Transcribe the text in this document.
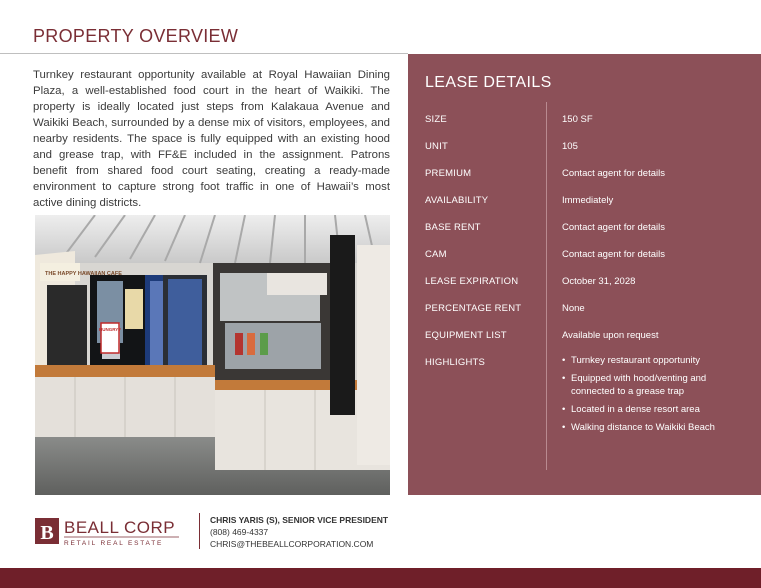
PROPERTY OVERVIEW
Turnkey restaurant opportunity available at Royal Hawaiian Dining Plaza, a well-established food court in the heart of Waikiki. The property is ideally located just steps from Kalakaua Avenue and Waikiki Beach, surrounded by a dense mix of visitors, employees, and nearby residents. The space is fully equipped with an existing hood and grease trap, with FF&E included in the assignment. Patrons benefit from shared food court seating, creating a ready-made environment to capture strong foot traffic in one of Hawaii’s most active dining districts.
HUNGRY?
THE HAPPY HAWAIIAN CAFE
LEASE DETAILS
SIZE	150 SF
UNIT	105
PREMIUM	Contact agent for details
AVAILABILITY	Immediately
BASE RENT	Contact agent for details
CAM	Contact agent for details
LEASE EXPIRATION	October 31, 2028
PERCENTAGE RENT	None
EQUIPMENT LIST	Available upon request
HIGHLIGHTS
•	Turnkey restaurant opportunity
• Equipped with hood/venting and connected to a grease trap
• Located in a dense resort area
• Walking distance to Waikiki Beach
B BEALL CORP
RETAIL REAL ESTATE
CHRIS YARIS (S), SENIOR VICE PRESIDENT
(808) 469-4337
CHRIS@THEBEALLCORPORATION.COM
